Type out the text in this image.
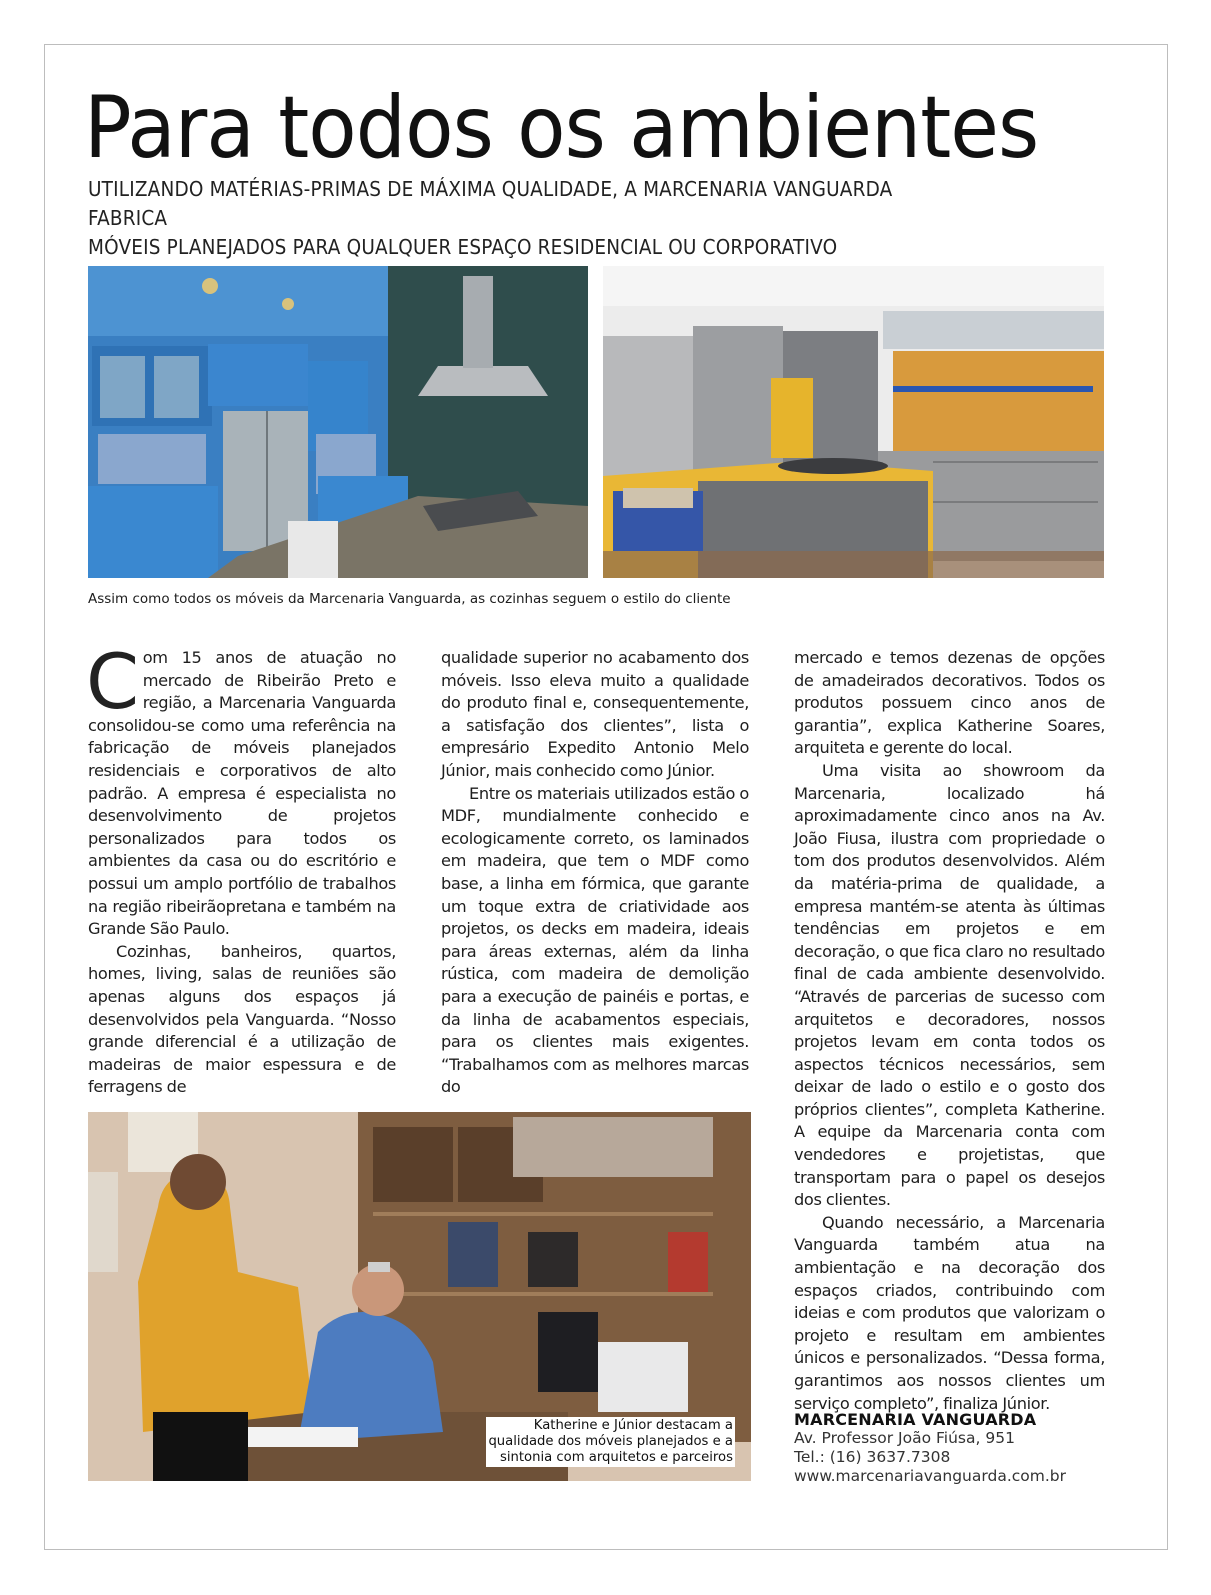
Para todos os ambientes
UTILIZANDO MATÉRIAS-PRIMAS DE MÁXIMA QUALIDADE, A MARCENARIA VANGUARDA FABRICA
MÓVEIS PLANEJADOS PARA QUALQUER ESPAÇO RESIDENCIAL OU CORPORATIVO
Assim como todos os móveis da Marcenaria Vanguarda, as cozinhas seguem o estilo do cliente

Com 15 anos de atuação no mercado de Ribeirão Preto e região, a Marcenaria Vanguarda consolidou-se como uma referência na fabricação de móveis planejados residenciais e corporativos de alto padrão. A empresa é especialista no desenvolvimento de projetos personalizados para todos os ambientes da casa ou do escritório e possui um amplo portfólio de trabalhos na região ribeirãopretana e também na Grande São Paulo.

Cozinhas, banheiros, quartos, homes, living, salas de reuniões são apenas alguns dos espaços já desenvolvidos pela Vanguarda. “Nosso grande diferencial é a utilização de madeiras de maior espessura e de ferragens de

qualidade superior no acabamento dos móveis. Isso eleva muito a qualidade do produto final e, consequentemente, a satisfação dos clientes”, lista o empresário Expedito Antonio Melo Júnior, mais conhecido como Júnior.

Entre os materiais utilizados estão o MDF, mundialmente conhecido e ecologicamente correto, os laminados em madeira, que tem o MDF como base, a linha em fórmica, que garante um toque extra de criatividade aos projetos, os decks em madeira, ideais para áreas externas, além da linha rústica, com madeira de demolição para a execução de painéis e portas, e da linha de acabamentos especiais, para os clientes mais exigentes. “Trabalhamos com as melhores marcas do

mercado e temos dezenas de opções de amadeirados decorativos. Todos os produtos possuem cinco anos de garantia”, explica Katherine Soares, arquiteta e gerente do local.

Uma visita ao showroom da Marcenaria, localizado há aproximadamente cinco anos na Av. João Fiusa, ilustra com propriedade o tom dos produtos desenvolvidos. Além da matéria-prima de qualidade, a empresa mantém-se atenta às últimas tendências em projetos e em decoração, o que fica claro no resultado final de cada ambiente desenvolvido. “Através de parcerias de sucesso com arquitetos e decoradores, nossos projetos levam em conta todos os aspectos técnicos necessários, sem deixar de lado o estilo e o gosto dos próprios clientes”, completa Katherine. A equipe da Marcenaria conta com vendedores e projetistas, que transportam para o papel os desejos dos clientes.

Quando necessário, a Marcenaria Vanguarda também atua na ambientação e na decoração dos espaços criados, contribuindo com ideias e com produtos que valorizam o projeto e resultam em ambientes únicos e personalizados. “Dessa forma, garantimos aos nossos clientes um serviço completo”, finaliza Júnior.

Katherine e Júnior destacam a
qualidade dos móveis planejados e a
sintonia com arquitetos e parceiros
MARCENARIA VANGUARDA
Av. Professor João Fiúsa, 951
Tel.: (16) 3637.7308
www.marcenariavanguarda.com.br
